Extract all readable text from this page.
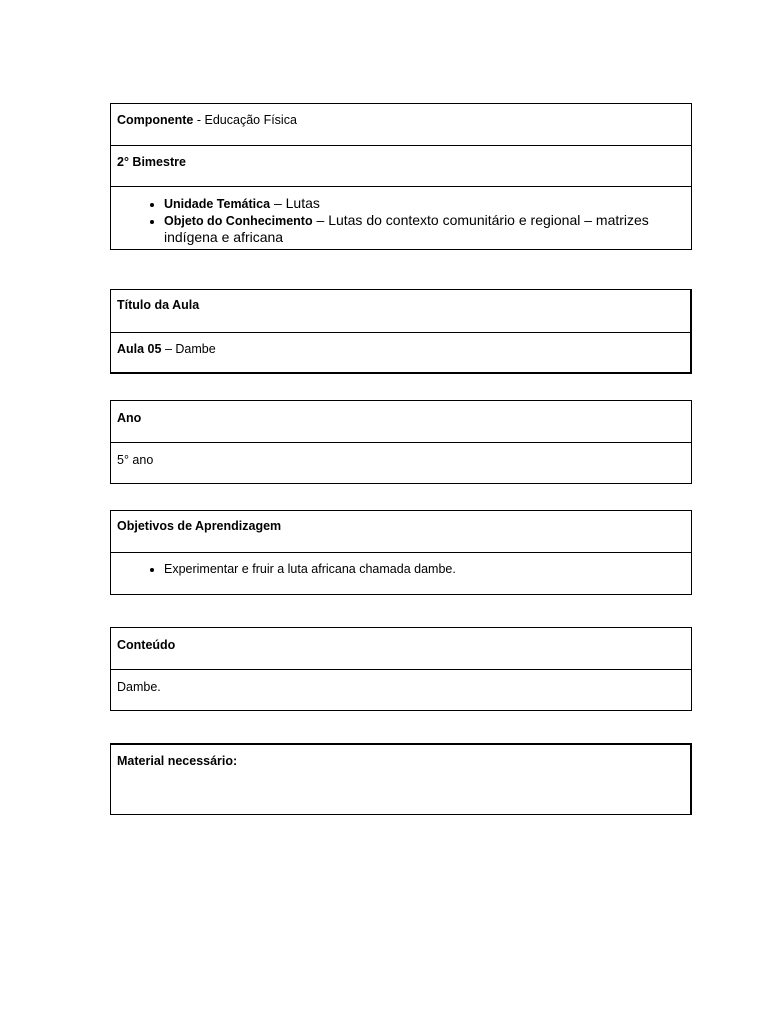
Componente - Educação Física
2° Bimestre
• Unidade Temática – Lutas
• Objeto do Conhecimento – Lutas do contexto comunitário e regional – matrizes indígena e africana
Título da Aula
Aula 05 – Dambe
Ano
5° ano
Objetivos de Aprendizagem
• Experimentar e fruir a luta africana chamada dambe.
Conteúdo
Dambe.
Material necessário:
